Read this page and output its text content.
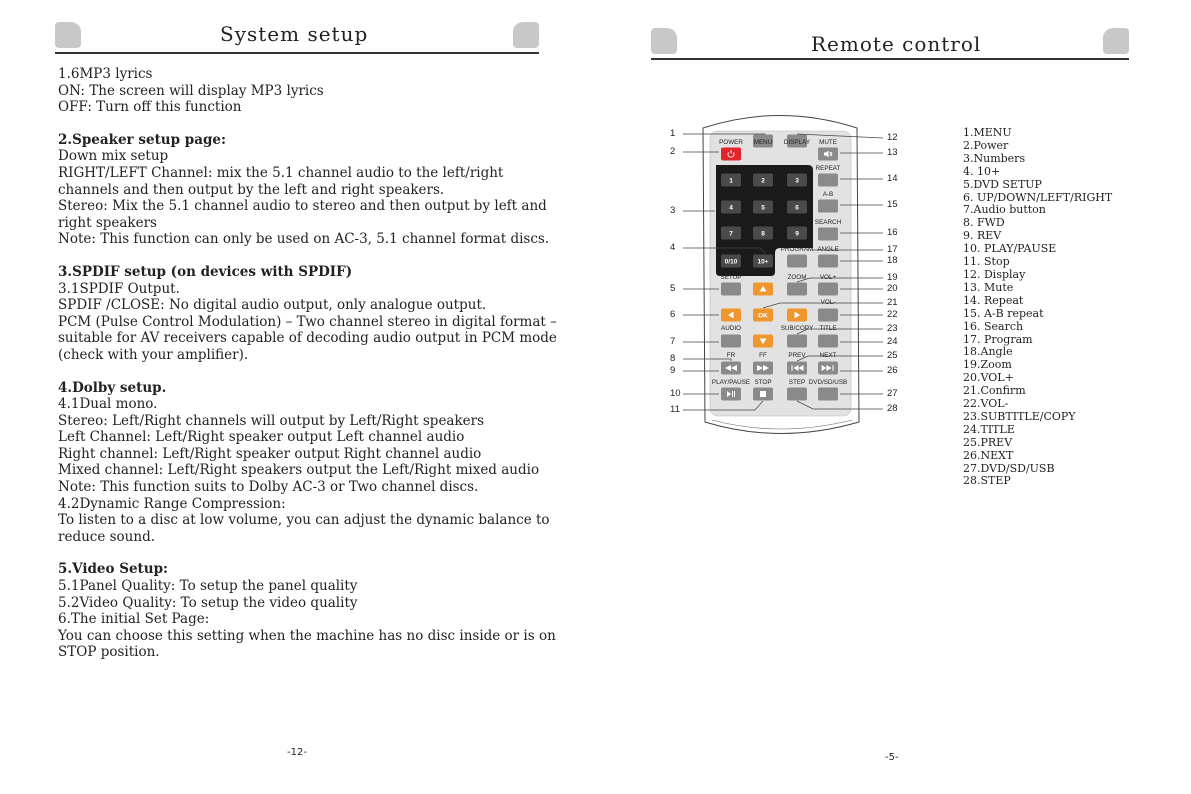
System setup
1.6MP3 lyrics
ON: The screen will display MP3 lyrics
OFF: Turn off this function
2.Speaker setup page:
Down mix setup
RIGHT/LEFT Channel: mix the 5.1 channel audio to the left/right channels and then output by the left and right speakers.
Stereo: Mix the 5.1 channel audio to stereo and then output by left and right speakers
Note: This function can only be used on AC-3, 5.1 channel format discs.
3.SPDIF setup (on devices with SPDIF)
3.1SPDIF Output.
SPDIF /CLOSE: No digital audio output, only analogue output.
PCM (Pulse Control Modulation) – Two channel stereo in digital format – suitable for AV receivers capable of decoding audio output in PCM mode (check with your amplifier).
4.Dolby setup.
4.1Dual mono.
Stereo: Left/Right channels will output by Left/Right speakers
Left Channel: Left/Right speaker output Left channel audio
Right channel: Left/Right speaker output Right channel audio
Mixed channel: Left/Right speakers output the Left/Right mixed audio
Note: This function suits to Dolby AC-3 or Two channel discs.
4.2Dynamic Range Compression:
To listen to a disc at low volume, you can adjust the dynamic balance to reduce sound.
5.Video Setup:
5.1Panel Quality: To setup the panel quality
5.2Video Quality: To setup the video quality
6.The initial Set Page:
You can choose this setting when the machine has no disc inside or is on STOP position.
-12-
Remote control
1	2	3
4	5	6
7	8	9
0/10	10+
OK
POWER MENU DISPLAY MUTE
REPEAT
A-B
SEARCH
PROGRAM ANGLE
SETUP	ZOOM VOL+
VOL-
AUDIO	SUB/COPY TITLE
FR	FF	PREV NEXT
PLAY/PAUSE STOP	STEP DVD/SD/USB
1
2
3
4
5
6
7
8
9
10
11
12
13
14
15
16
17
18
19
20
21
22
23
24
25
26
27
28
1.MENU
2.Power
3.Numbers
4. 10+
5.DVD SETUP
6. UP/DOWN/LEFT/RIGHT
7.Audio button
8. FWD
9. REV
10. PLAY/PAUSE
11. Stop
12. Display
13. Mute
14. Repeat
15. A-B repeat
16. Search
17. Program
18.Angle
19.Zoom
20.VOL+
21.Confirm
22.VOL-
23.SUBTITLE/COPY
24.TITLE
25.PREV
26.NEXT
27.DVD/SD/USB
28.STEP
-5-
